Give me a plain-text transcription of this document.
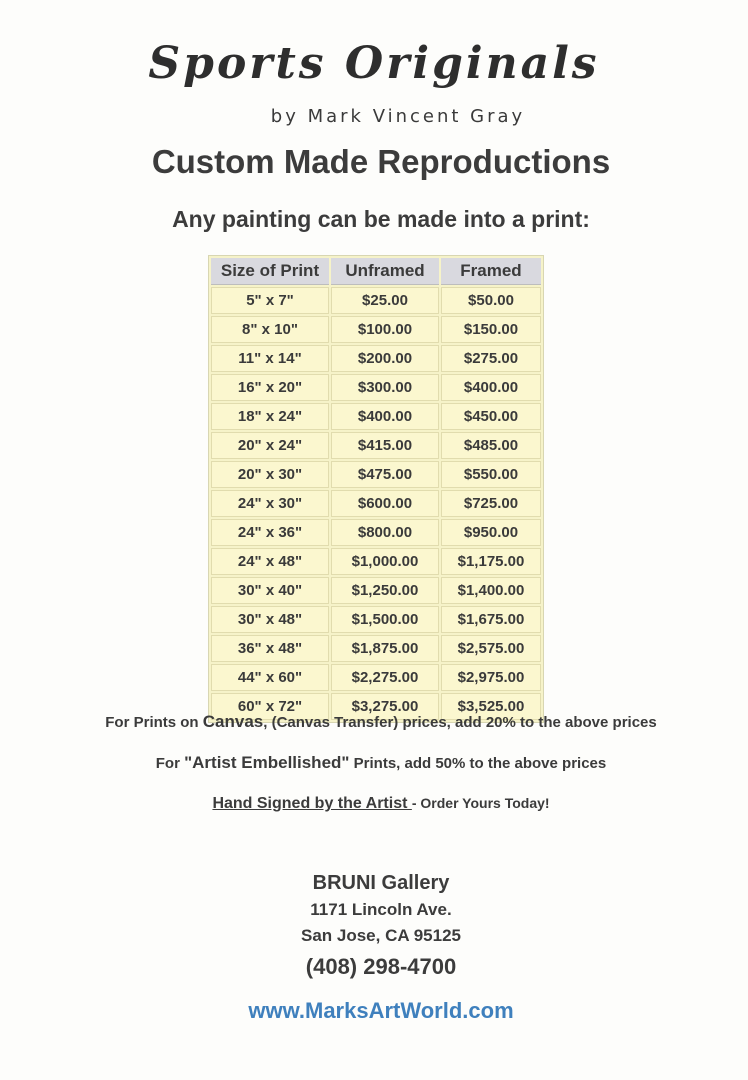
Sports Originals
by Mark Vincent Gray
Custom Made Reproductions
Any painting can be made into a print:
Size of Print	Unframed	Framed
5" x 7"	$25.00	$50.00
8" x 10"	$100.00	$150.00
11" x 14"	$200.00	$275.00
16" x 20"	$300.00	$400.00
18" x 24"	$400.00	$450.00
20" x 24"	$415.00	$485.00
20" x 30"	$475.00	$550.00
24" x 30"	$600.00	$725.00
24" x 36"	$800.00	$950.00
24" x 48"	$1,000.00	$1,175.00
30" x 40"	$1,250.00	$1,400.00
30" x 48"	$1,500.00	$1,675.00
36" x 48"	$1,875.00	$2,575.00
44" x 60"	$2,275.00	$2,975.00
60" x 72"	$3,275.00	$3,525.00
For Prints on Canvas, (Canvas Transfer) prices, add 20% to the above prices
For "Artist Embellished" Prints, add 50% to the above prices
Hand Signed by the Artist - Order Yours Today!
BRUNI Gallery
1171 Lincoln Ave.
San Jose, CA 95125
(408) 298-4700
www.MarksArtWorld.com
